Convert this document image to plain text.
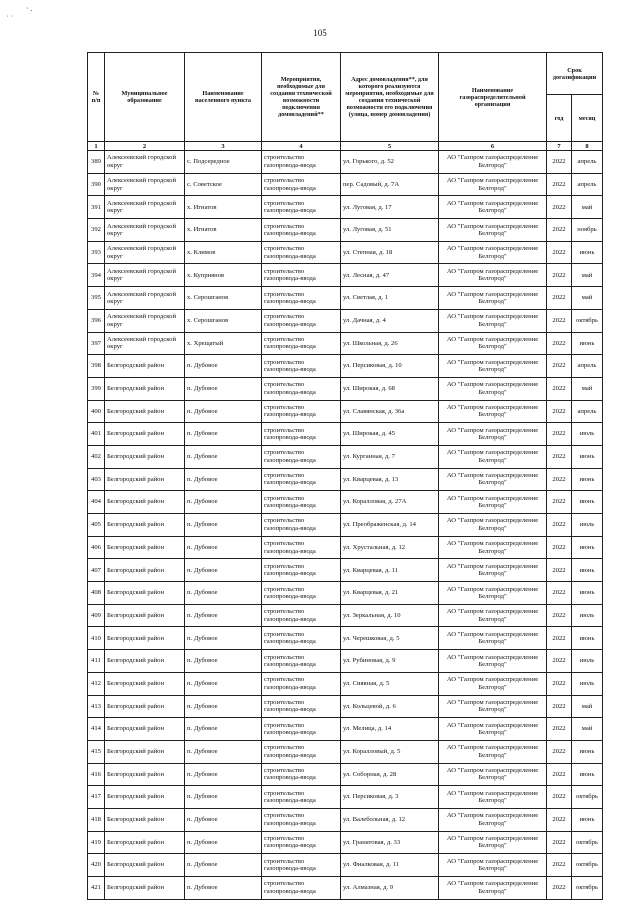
˙ ˙
· .
105
№ п/п	Муниципальное образование	Наименование населенного пункта	Мероприятия, необходимые для создания технической возможности подключения домовладений**	Адрес домовладения**, для которого реализуются мероприятия, необходимые для создания технической возможности его подключения (улица, номер домовладения)	Наименование газораспределительной организации	Срок догазификации	
						год	месяц
1	2	3	4	5	6	7	8
389	Алексеевский городской округ	с. Подсередное	строительство газопровода-ввода	ул. Горького, д. 52	АО "Газпром газораспределение Белгород"	2022	апрель
390	Алексеевский городской округ	с. Советское	строительство газопровода-ввода	пер. Садовый, д. 7А	АО "Газпром газораспределение Белгород"	2022	апрель
391	Алексеевский городской округ	х. Игнатов	строительство газопровода-ввода	ул. Луговая, д. 17	АО "Газпром газораспределение Белгород"	2022	май
392	Алексеевский городской округ	х. Игнатов	строительство газопровода-ввода	ул. Луговая, д. 51	АО "Газпром газораспределение Белгород"	2022	ноябрь
393	Алексеевский городской округ	х. Климов	строительство газопровода-ввода	ул. Степная, д. 18	АО "Газпром газораспределение Белгород"	2022	июнь
394	Алексеевский городской округ	х. Куприянов	строительство газопровода-ввода	ул. Лесная, д. 47	АО "Газпром газораспределение Белгород"	2022	май
395	Алексеевский городской округ	х. Серошганов	строительство газопровода-ввода	ул. Светлая, д. 1	АО "Газпром газораспределение Белгород"	2022	май
396	Алексеевский городской округ	х. Серошганов	строительство газопровода-ввода	ул. Дачная, д. 4	АО "Газпром газораспределение Белгород"	2022	октябрь
397	Алексеевский городской округ	х. Хрещатый	строительство газопровода-ввода	ул. Школьная, д. 26	АО "Газпром газораспределение Белгород"	2022	июнь
398	Белгородский район	п. Дубовое	строительство газопровода-ввода	ул. Персиковая, д. 10	АО "Газпром газораспределение Белгород"	2022	апрель
399	Белгородский район	п. Дубовое	строительство газопровода-ввода	ул. Широкая, д. 68	АО "Газпром газораспределение Белгород"	2022	май
400	Белгородский район	п. Дубовое	строительство газопровода-ввода	ул. Славянская, д. 36а	АО "Газпром газораспределение Белгород"	2022	апрель
401	Белгородский район	п. Дубовое	строительство газопровода-ввода	ул. Широкая, д. 45	АО "Газпром газораспределение Белгород"	2022	июль
402	Белгородский район	п. Дубовое	строительство газопровода-ввода	ул. Курганная, д. 7	АО "Газпром газораспределение Белгород"	2022	июнь
403	Белгородский район	п. Дубовое	строительство газопровода-ввода	ул. Кварцевая, д. 13	АО "Газпром газораспределение Белгород"	2022	июнь
404	Белгородский район	п. Дубовое	строительство газопровода-ввода	ул. Коралловая, д. 27А	АО "Газпром газораспределение Белгород"	2022	июнь
405	Белгородский район	п. Дубовое	строительство газопровода-ввода	ул. Преображенская, д. 14	АО "Газпром газораспределение Белгород"	2022	июль
406	Белгородский район	п. Дубовое	строительство газопровода-ввода	ул. Хрустальная, д. 12	АО "Газпром газораспределение Белгород"	2022	июнь
407	Белгородский район	п. Дубовое	строительство газопровода-ввода	ул. Кварцевая, д. 11	АО "Газпром газораспределение Белгород"	2022	июнь
408	Белгородский район	п. Дубовое	строительство газопровода-ввода	ул. Кварцевая, д. 21	АО "Газпром газораспределение Белгород"	2022	июнь
409	Белгородский район	п. Дубовое	строительство газопровода-ввода	ул. Зеркальная, д. 10	АО "Газпром газораспределение Белгород"	2022	июль
410	Белгородский район	п. Дубовое	строительство газопровода-ввода	ул. Черешковая, д. 5	АО "Газпром газораспределение Белгород"	2022	июнь
411	Белгородский район	п. Дубовое	строительство газопровода-ввода	ул. Рубиновая, д. 9	АО "Газпром газораспределение Белгород"	2022	июль
412	Белгородский район	п. Дубовое	строительство газопровода-ввода	ул. Сиявная, д. 5	АО "Газпром газораспределение Белгород"	2022	июль
413	Белгородский район	п. Дубовое	строительство газопровода-ввода	ул. Кольцевой, д. 6	АО "Газпром газораспределение Белгород"	2022	май
414	Белгородский район	п. Дубовое	строительство газопровода-ввода	ул. Мелица, д. 14	АО "Газпром газораспределение Белгород"	2022	май
415	Белгородский район	п. Дубовое	строительство газопровода-ввода	ул. Коралловый, д. 5	АО "Газпром газораспределение Белгород"	2022	июнь
416	Белгородский район	п. Дубовое	строительство газопровода-ввода	ул. Соборная, д. 28	АО "Газпром газораспределение Белгород"	2022	июнь
417	Белгородский район	п. Дубовое	строительство газопровода-ввода	ул. Персиковая, д. 3	АО "Газпром газораспределение Белгород"	2022	октябрь
418	Белгородский район	п. Дубовое	строительство газопровода-ввода	ул. Валебольная, д. 12	АО "Газпром газораспределение Белгород"	2022	июнь
419	Белгородский район	п. Дубовое	строительство газопровода-ввода	ул. Гранатовая, д. 33	АО "Газпром газораспределение Белгород"	2022	октябрь
420	Белгородский район	п. Дубовое	строительство газопровода-ввода	ул. Фиалковая, д. 11	АО "Газпром газораспределение Белгород"	2022	октябрь
421	Белгородский район	п. Дубовое	строительство газопровода-ввода	ул. Алмазная, д. 9	АО "Газпром газораспределение Белгород"	2022	октябрь
